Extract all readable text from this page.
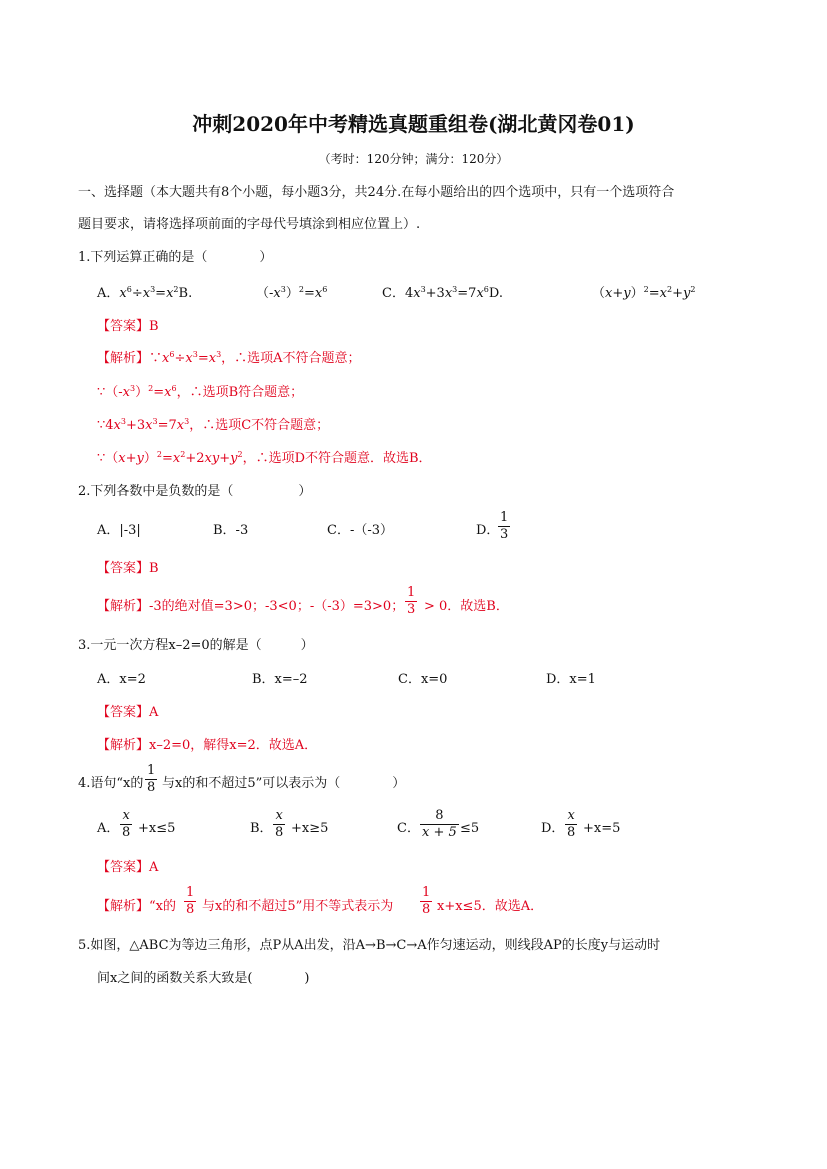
冲刺2020年中考精选真题重组卷(湖北黄冈卷01)
（考时：120分钟；满分：120分）
一、选择题（本大题共有8个小题，每小题3分，共24分.在每小题给出的四个选项中，只有一个选项符合
题目要求，请将选择项前面的字母代号填涂到相应位置上）.
1.下列运算正确的是（　　　　）
A．$x^6\div x^3=x^2B$.	$(-x^3)^2=x^6$	C．$4x^3+3x^3=7x^6D$.	$(x+y)^2=x^2+y^2$
【答案】B
【解析】$\because x^6\div x^3=x^3$，∴选项A不符合题意；
$\because(-x^3)^2=x^6$，∴选项B符合题意；
$\because 4x^3+3x^3=7x^3$，∴选项C不符合题意；
$\because(x+y)^2=x^2+2xy+y^2$，∴选项D不符合题意．故选B．
2.下列各数中是负数的是（　　　　　）
A．|-3|	B．-3	C．-（-3）	D．
$\frac{1}{3}$
【答案】B
【解析】-3的绝对值=3>0；-3<0；-（-3）=3>0； $\frac{1}{3} > 0$．故选B．
3.一元一次方程x–2=0的解是（　　　）
A．x=2	B．x=–2	C．x=0	D．x=1
【答案】A
【解析】x–2=0，解得x=2．故选A．
4.语句“x的 $\frac{1}{8}$ 与x的和不超过5”可以表示为（　　　　）
A． $\frac{x}{8} +x\le 5$	B． $\frac{x}{8} +x\ge 5$	C． $\frac{8}{x + 5} \le 5$	D． $\frac{x}{8} +x=5$
【答案】A
【解析】“x的 $\frac{1}{8}$ 与x的和不超过5”用不等式表示为 $\frac{1}{8} x+x\le 5$．故选A．
5.如图，△ABC为等边三角形，点P从A出发，沿A→B→C→A作匀速运动，则线段AP的长度y与运动时
间x之间的函数关系大致是(　　　　)
